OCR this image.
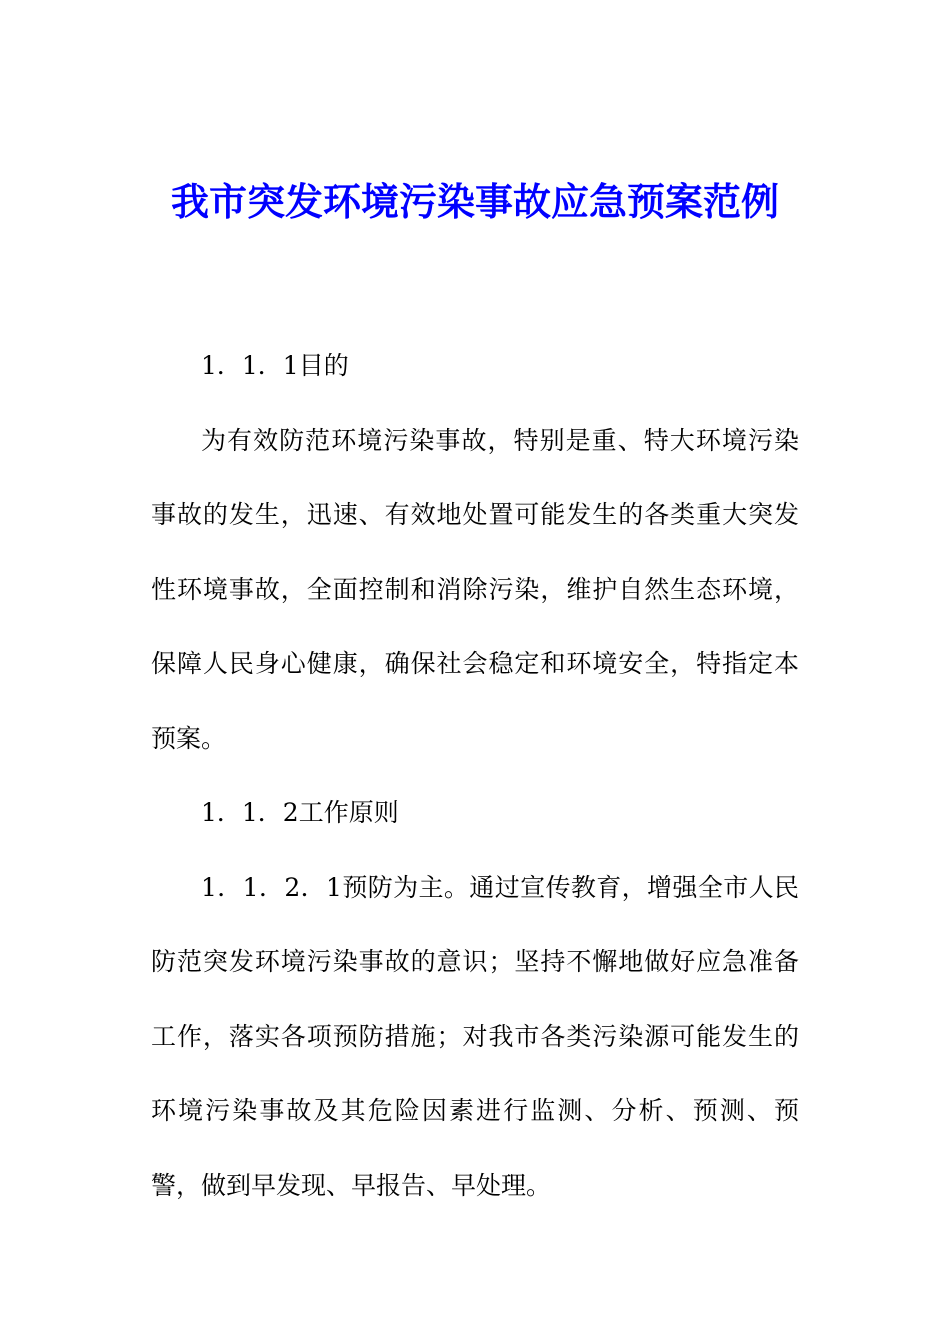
我市突发环境污染事故应急预案范例

1．1．1目的

为有效防范环境污染事故，特别是重、特大环境污染事故的发生，迅速、有效地处置可能发生的各类重大突发性环境事故，全面控制和消除污染，维护自然生态环境，保障人民身心健康，确保社会稳定和环境安全，特指定本预案。

1．1．2工作原则

1．1．2．1预防为主。通过宣传教育，增强全市人民防范突发环境污染事故的意识；坚持不懈地做好应急准备工作，落实各项预防措施；对我市各类污染源可能发生的环境污染事故及其危险因素进行监测、分析、预测、预警，做到早发现、早报告、早处理。
